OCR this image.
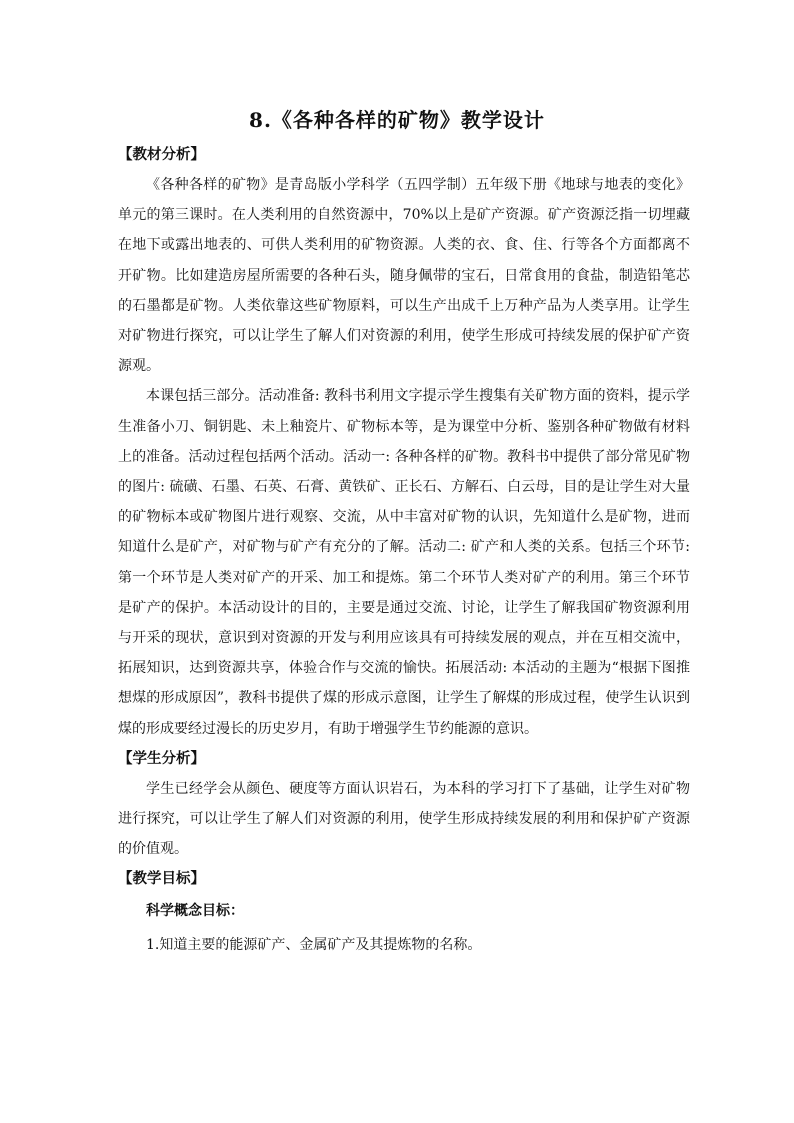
8.《各种各样的矿物》教学设计

【教材分析】

《各种各样的矿物》是青岛版小学科学（五四学制）五年级下册《地球与地表的变化》单元的第三课时。在人类利用的自然资源中，70%以上是矿产资源。矿产资源泛指一切埋藏在地下或露出地表的、可供人类利用的矿物资源。人类的衣、食、住、行等各个方面都离不开矿物。比如建造房屋所需要的各种石头，随身佩带的宝石，日常食用的食盐，制造铅笔芯的石墨都是矿物。人类依靠这些矿物原料，可以生产出成千上万种产品为人类享用。让学生对矿物进行探究，可以让学生了解人们对资源的利用，使学生形成可持续发展的保护矿产资源观。

本课包括三部分。活动准备: 教科书利用文字提示学生搜集有关矿物方面的资料，提示学生准备小刀、铜钥匙、未上釉瓷片、矿物标本等，是为课堂中分析、鉴别各种矿物做有材料上的准备。活动过程包括两个活动。活动一: 各种各样的矿物。教科书中提供了部分常见矿物的图片: 硫磺、石墨、石英、石膏、黄铁矿、正长石、方解石、白云母，目的是让学生对大量的矿物标本或矿物图片进行观察、交流，从中丰富对矿物的认识，先知道什么是矿物，进而知道什么是矿产，对矿物与矿产有充分的了解。活动二: 矿产和人类的关系。包括三个环节: 第一个环节是人类对矿产的开采、加工和提炼。第二个环节人类对矿产的利用。第三个环节是矿产的保护。本活动设计的目的，主要是通过交流、讨论，让学生了解我国矿物资源利用与开采的现状，意识到对资源的开发与利用应该具有可持续发展的观点，并在互相交流中，拓展知识，达到资源共享，体验合作与交流的愉快。拓展活动: 本活动的主题为“根据下图推想煤的形成原因”，教科书提供了煤的形成示意图，让学生了解煤的形成过程，使学生认识到煤的形成要经过漫长的历史岁月，有助于增强学生节约能源的意识。

【学生分析】

学生已经学会从颜色、硬度等方面认识岩石，为本科的学习打下了基础，让学生对矿物进行探究，可以让学生了解人们对资源的利用，使学生形成持续发展的利用和保护矿产资源的价值观。

【教学目标】

科学概念目标：

1.知道主要的能源矿产、金属矿产及其提炼物的名称。
